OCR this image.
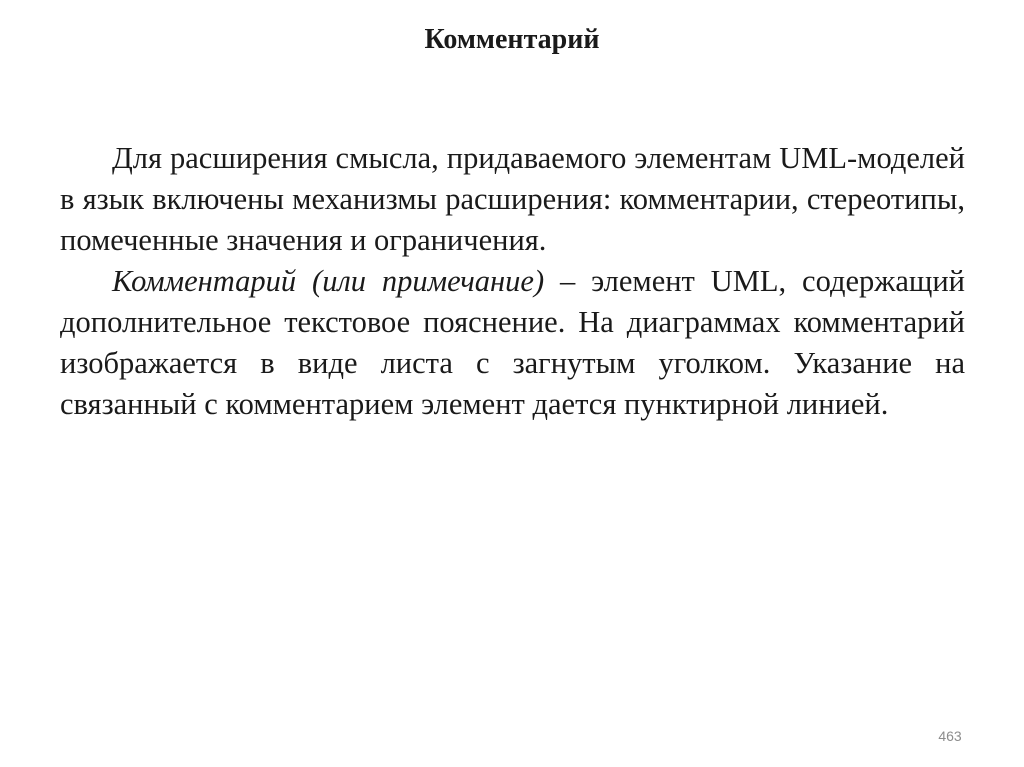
Комментарий

Для расширения смысла, придаваемого элементам UML-моделей в язык включены механизмы расширения: комментарии, стереотипы, помеченные значения и ограничения.

Комментарий (или примечание) – элемент UML, содержащий дополнительное текстовое пояснение. На диаграммах комментарий изображается в виде листа с загнутым уголком. Указание на связанный с комментарием элемент дается пунктирной линией.

463
